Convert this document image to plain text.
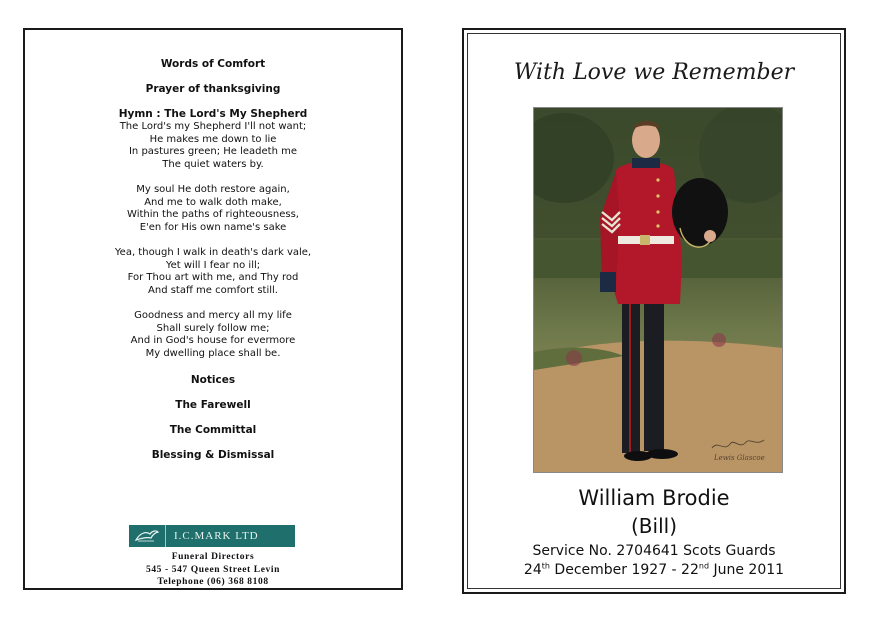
Words of Comfort

Prayer of thanksgiving

Hymn : The Lord's My Shepherd

The Lord's my Shepherd I'll not want;
He makes me down to lie
In pastures green; He leadeth me
The quiet waters by.
My soul He doth restore again,
And me to walk doth make,
Within the paths of righteousness,
E'en for His own name's sake
Yea, though I walk in death's dark vale,
Yet will I fear no ill;
For Thou art with me, and Thy rod
And staff me comfort still.
Goodness and mercy all my life
Shall surely follow me;
And in God's house for evermore
My dwelling place shall be.

Notices

The Farewell

The Committal

Blessing & Dismissal

I.C.MARK LTD
Funeral Directors
545 - 547 Queen Street Levin
Telephone (06) 368 8108
With Love we Remember
Lewis Glascoe
William Brodie
(Bill)
Service No. 2704641 Scots Guards
24th December 1927 - 22nd June 2011
